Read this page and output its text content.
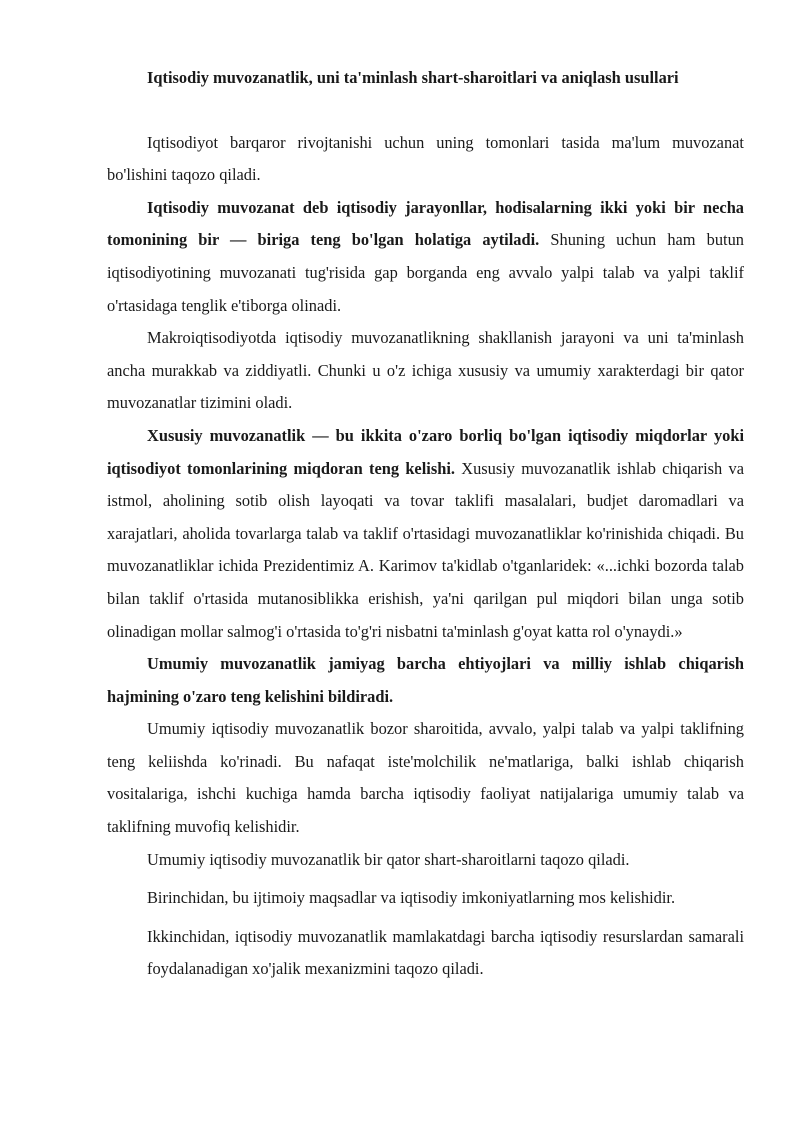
Iqtisodiy muvozanatlik, uni ta'minlash shart-sharoitlari va aniqlash usullari

Iqtisodiyot barqaror rivojtanishi uchun uning tomonlari tasida ma'lum muvozanat bo'lishini taqozo qiladi.

Iqtisodiy muvozanat deb iqtisodiy jarayonllar, hodisalarning ikki yoki bir necha tomonining bir — biriga teng bo'lgan holatiga aytiladi. Shuning uchun ham butun iqtisodiyotining muvozanati tug'risida gap borganda eng avvalo yalpi talab va yalpi taklif o'rtasidaga tenglik e'tiborga olinadi.

Makroiqtisodiyotda iqtisodiy muvozanatlikning shakllanish jarayoni va uni ta'minlash ancha murakkab va ziddiyatli. Chunki u o'z ichiga xususiy va umumiy xarakterdagi bir qator muvozanatlar tizimini oladi.

Xususiy muvozanatlik — bu ikkita o'zaro borliq bo'lgan iqtisodiy miqdorlar yoki iqtisodiyot tomonlarining miqdoran teng kelishi. Xususiy muvozanatlik ishlab chiqarish va istmol, aholining sotib olish layoqati va tovar taklifi masalalari, budjet daromadlari va xarajatlari, aholida tovarlarga talab va taklif o'rtasidagi muvozanatliklar ko'rinishida chiqadi. Bu muvozanatliklar ichida Prezidentimiz A. Karimov ta'kidlab o'tganlaridek: «...ichki bozorda talab bilan taklif o'rtasida mutanosiblikka erishish, ya'ni qarilgan pul miqdori bilan unga sotib olinadigan mollar salmog'i o'rtasida to'g'ri nisbatni ta'minlash g'oyat katta rol o'ynaydi.»

Umumiy muvozanatlik jamiyag barcha ehtiyojlari va milliy ishlab chiqarish hajmining o'zaro teng kelishini bildiradi.

Umumiy iqtisodiy muvozanatlik bozor sharoitida, avvalo, yalpi talab va yalpi taklifning teng keliishda ko'rinadi. Bu nafaqat iste'molchilik ne'matlariga, balki ishlab chiqarish vositalariga, ishchi kuchiga hamda barcha iqtisodiy faoliyat natijalariga umumiy talab va taklifning muvofiq kelishidir.

Umumiy iqtisodiy muvozanatlik bir qator shart-sharoitlarni taqozo qiladi.

Birinchidan, bu ijtimoiy maqsadlar va iqtisodiy imkoniyatlarning mos kelishidir.

Ikkinchidan, iqtisodiy muvozanatlik mamlakatdagi barcha iqtisodiy resurslardan samarali foydalanadigan xo'jalik mexanizmini taqozo qiladi.
